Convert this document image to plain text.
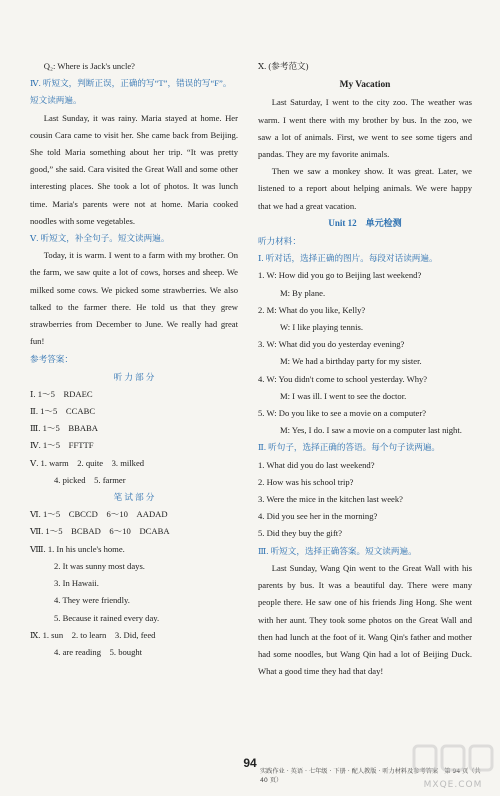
Q₂: Where is Jack's uncle?

Ⅳ. 听短文，判断正误，正确的写“T”，错误的写“F”。短文读两遍。

Last Sunday, it was rainy. Maria stayed at home. Her cousin Cara came to visit her. She came back from Beijing. She told Maria something about her trip. “It was pretty good,” she said. Cara visited the Great Wall and some other interesting places. She took a lot of photos. It was lunch time. Maria's parents were not at home. Maria cooked noodles with some vegetables.

Ⅴ. 听短文，补全句子。短文读两遍。

Today, it is warm. I went to a farm with my brother. On the farm, we saw quite a lot of cows, horses and sheep. We milked some cows. We picked some strawberries. We also talked to the farmer there. He told us that they grew strawberries from December to June. We really had great fun!

参考答案：

听 力 部 分

Ⅰ. 1～5　RDAEC

Ⅱ. 1～5　CCABC

Ⅲ. 1～5　BBABA

Ⅳ. 1～5　FFTTF

Ⅴ. 1. warm　2. quite　3. milked

4. picked　5. farmer

笔 试 部 分

Ⅵ. 1～5　CBCCD　6～10　AADAD

Ⅶ. 1～5　BCBAD　6～10　DCABA

Ⅷ. 1. In his uncle's home.

2. It was sunny most days.

3. In Hawaii.

4. They were friendly.

5. Because it rained every day.

Ⅸ. 1. sun　2. to learn　3. Did, feed

4. are reading　5. bought

Ⅹ. (参考范文)

My Vacation

Last Saturday, I went to the city zoo. The weather was warm. I went there with my brother by bus. In the zoo, we saw a lot of animals. First, we went to see some tigers and pandas. They are my favorite animals.

Then we saw a monkey show. It was great. Later, we listened to a report about helping animals. We were happy that we had a great vacation.

Unit 12　单元检测

听力材料：

Ⅰ. 听对话，选择正确的图片。每段对话读两遍。

1. W: How did you go to Beijing last weekend?

M: By plane.

2. M: What do you like, Kelly?

W: I like playing tennis.

3. W: What did you do yesterday evening?

M: We had a birthday party for my sister.

4. W: You didn't come to school yesterday. Why?

M: I was ill. I went to see the doctor.

5. W: Do you like to see a movie on a computer?

M: Yes, I do. I saw a movie on a computer last night.

Ⅱ. 听句子，选择正确的答语。每个句子读两遍。

1. What did you do last weekend?

2. How was his school trip?

3. Were the mice in the kitchen last week?

4. Did you see her in the morning?

5. Did they buy the gift?

Ⅲ. 听短文，选择正确答案。短文读两遍。

Last Sunday, Wang Qin went to the Great Wall with his parents by bus. It was a beautiful day. There were many people there. He saw one of his friends Jing Hong. She went with her aunt. They took some photos on the Great Wall and then had lunch at the foot of it. Wang Qin's father and mother had some noodles, but Wang Qin had a lot of Beijing Duck. What a good time they had that day!

94
实践作业 · 英语 · 七年级 · 下册 · 配人教版 · 听力材料及参考答案　第 94 页（共 40 页）	MXQE.COM
